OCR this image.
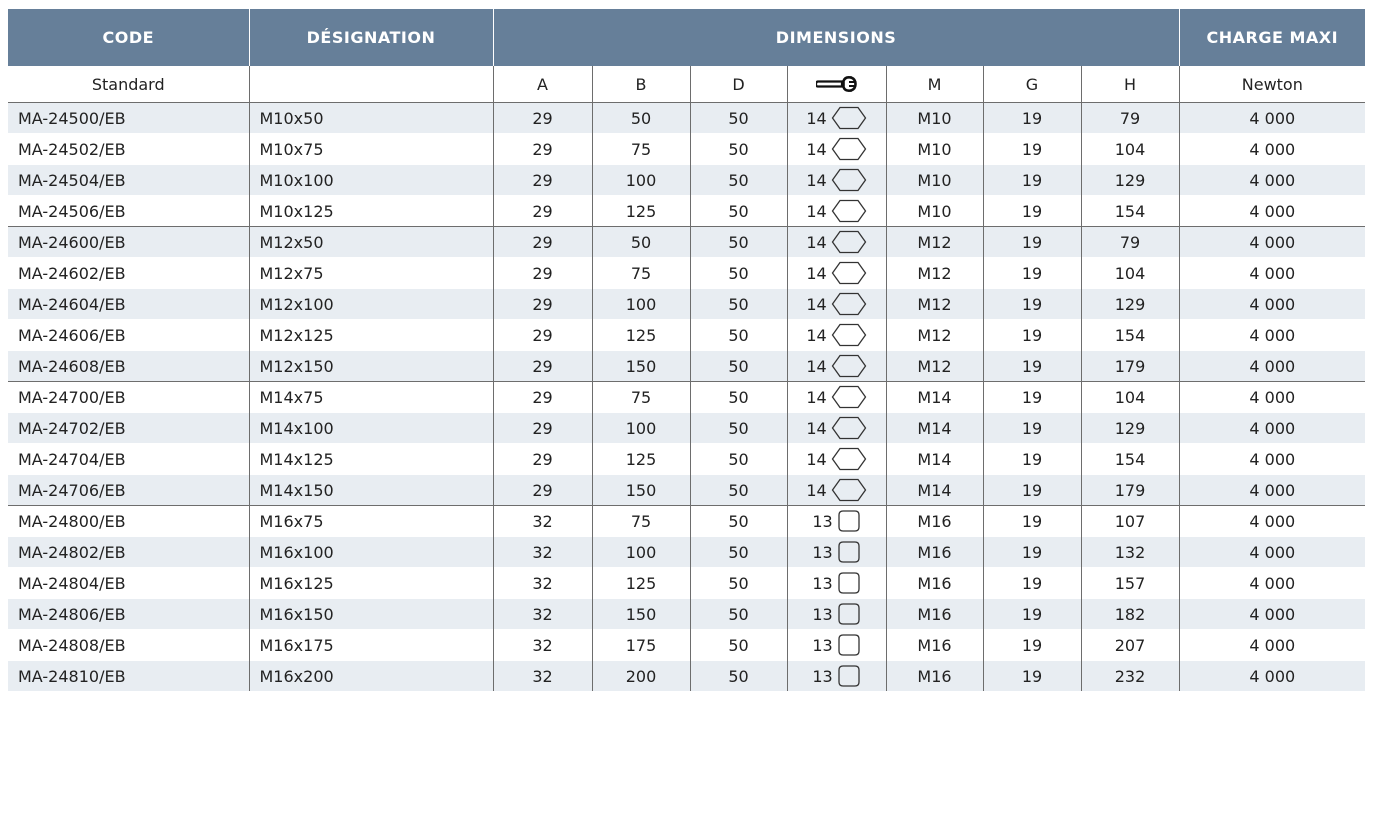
CODE	DÉSIGNATION	DIMENSIONS							CHARGE MAXI
Standard		A	B	D		M	G	H	Newton
MA-24500/EB	M10x50	29	50	50	14	M10	19	79	4 000
MA-24502/EB	M10x75	29	75	50	14	M10	19	104	4 000
MA-24504/EB	M10x100	29	100	50	14	M10	19	129	4 000
MA-24506/EB	M10x125	29	125	50	14	M10	19	154	4 000
MA-24600/EB	M12x50	29	50	50	14	M12	19	79	4 000
MA-24602/EB	M12x75	29	75	50	14	M12	19	104	4 000
MA-24604/EB	M12x100	29	100	50	14	M12	19	129	4 000
MA-24606/EB	M12x125	29	125	50	14	M12	19	154	4 000
MA-24608/EB	M12x150	29	150	50	14	M12	19	179	4 000
MA-24700/EB	M14x75	29	75	50	14	M14	19	104	4 000
MA-24702/EB	M14x100	29	100	50	14	M14	19	129	4 000
MA-24704/EB	M14x125	29	125	50	14	M14	19	154	4 000
MA-24706/EB	M14x150	29	150	50	14	M14	19	179	4 000
MA-24800/EB	M16x75	32	75	50	13	M16	19	107	4 000
MA-24802/EB	M16x100	32	100	50	13	M16	19	132	4 000
MA-24804/EB	M16x125	32	125	50	13	M16	19	157	4 000
MA-24806/EB	M16x150	32	150	50	13	M16	19	182	4 000
MA-24808/EB	M16x175	32	175	50	13	M16	19	207	4 000
MA-24810/EB	M16x200	32	200	50	13	M16	19	232	4 000
